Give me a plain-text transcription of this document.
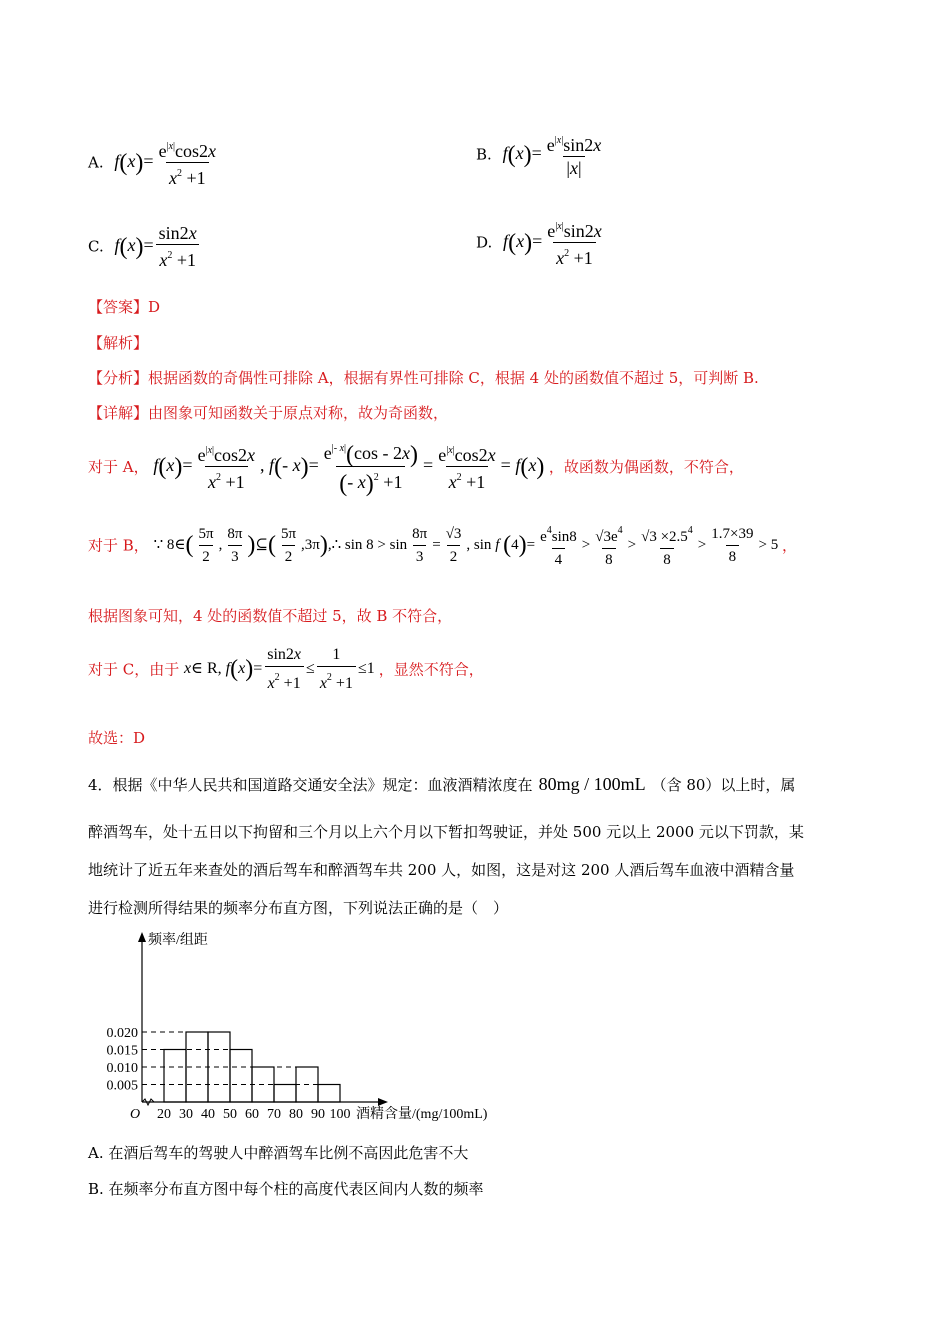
A. $f(x)= \frac{e^{|x|}\cos 2x}{x^2 +1}$	B. $f(x)= \frac{e^{|x|}\sin 2x}{|x|}$
C. $f(x)= \frac{\sin 2x}{x^2 +1}$	D. $f(x)= \frac{e^{|x|}\sin 2x}{x^2 +1}$
【答案】D
【解析】
【分析】根据函数的奇偶性可排除 A，根据有界性可排除 C，根据 4 处的函数值不超过 5，可判断 B.
【详解】由图象可知函数关于原点对称，故为奇函数，
对于 A， $f(x)= \frac{e^{|x|}\cos 2x}{x^2 +1}$ , f(- $x)= \frac{e^{|- x|}(\cos - 2x)}{(- x)^2 +1} = \frac{e^{|x|}\cos 2x}{x^2 +1} = f(x)$ ，故函数为偶函数，不符合，
对于 B， ∵ 8∈( $\frac{5\pi}{2}$ , $\frac{8\pi}{3}$ )⊆( $\frac{5\pi}{2}$ ,3π),∴ $\sin 8 > \sin \frac{8\pi}{3} = \frac{√3}{2}$ , sin f $(4)= \frac{e^4\sin 8}{4} > \frac{√3e^4}{8} > \frac{√3 \times 2.5^4}{8} > \frac{1.7\times 39}{8} > 5$ ，
根据图象可知，4 处的函数值不超过 5，故 B 不符合，
对于 C，由于 x∈ R, $f(x)= \frac{\sin 2x}{x^2 +1} \le \frac{1}{x^2 +1} \le 1$ ，显然不符合，
故选：D
4．根据《中华人民共和国道路交通安全法》规定：血液酒精浓度在 80mg / 100mL （含 80）以上时，属
醉酒驾车，处十五日以下拘留和三个月以上六个月以下暂扣驾驶证，并处 500 元以上 2000 元以下罚款，某
地统计了近五年来查处的酒后驾车和醉酒驾车共 200 人，如图，这是对这 200 人酒后驾车血液中酒精含量
进行检测所得结果的频率分布直方图，下列说法正确的是（　）
0.005
0.010
0.015
0.020
20 30 40 50 60 70 80 90 100
O
频率/组距
酒精含量/(mg/100mL)
A. 在酒后驾车的驾驶人中醉酒驾车比例不高因此危害不大
B. 在频率分布直方图中每个柱的高度代表区间内人数的频率
